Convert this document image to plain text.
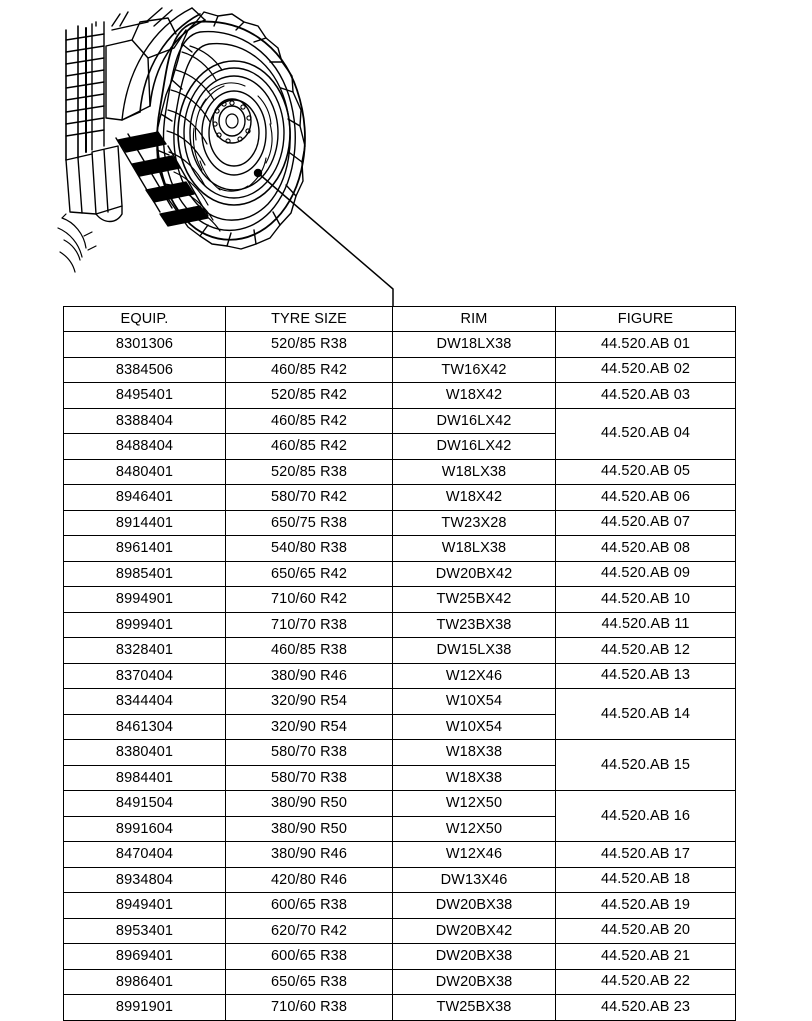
EQUIP.	TYRE SIZE	RIM	FIGURE
8301306	520/85 R38	DW18LX38	44.520.AB 01
8384506	460/85 R42	TW16X42	44.520.AB 02
8495401	520/85 R42	W18X42	44.520.AB 03
8388404	460/85 R42	DW16LX42	44.520.AB 04
8488404	460/85 R42	DW16LX42	
8480401	520/85 R38	W18LX38	44.520.AB 05
8946401	580/70 R42	W18X42	44.520.AB 06
8914401	650/75 R38	TW23X28	44.520.AB 07
8961401	540/80 R38	W18LX38	44.520.AB 08
8985401	650/65 R42	DW20BX42	44.520.AB 09
8994901	710/60 R42	TW25BX42	44.520.AB 10
8999401	710/70 R38	TW23BX38	44.520.AB 11
8328401	460/85 R38	DW15LX38	44.520.AB 12
8370404	380/90 R46	W12X46	44.520.AB 13
8344404	320/90 R54	W10X54	44.520.AB 14
8461304	320/90 R54	W10X54	
8380401	580/70 R38	W18X38	44.520.AB 15
8984401	580/70 R38	W18X38	
8491504	380/90 R50	W12X50	44.520.AB 16
8991604	380/90 R50	W12X50	
8470404	380/90 R46	W12X46	44.520.AB 17
8934804	420/80 R46	DW13X46	44.520.AB 18
8949401	600/65 R38	DW20BX38	44.520.AB 19
8953401	620/70 R42	DW20BX42	44.520.AB 20
8969401	600/65 R38	DW20BX38	44.520.AB 21
8986401	650/65 R38	DW20BX38	44.520.AB 22
8991901	710/60 R38	TW25BX38	44.520.AB 23
